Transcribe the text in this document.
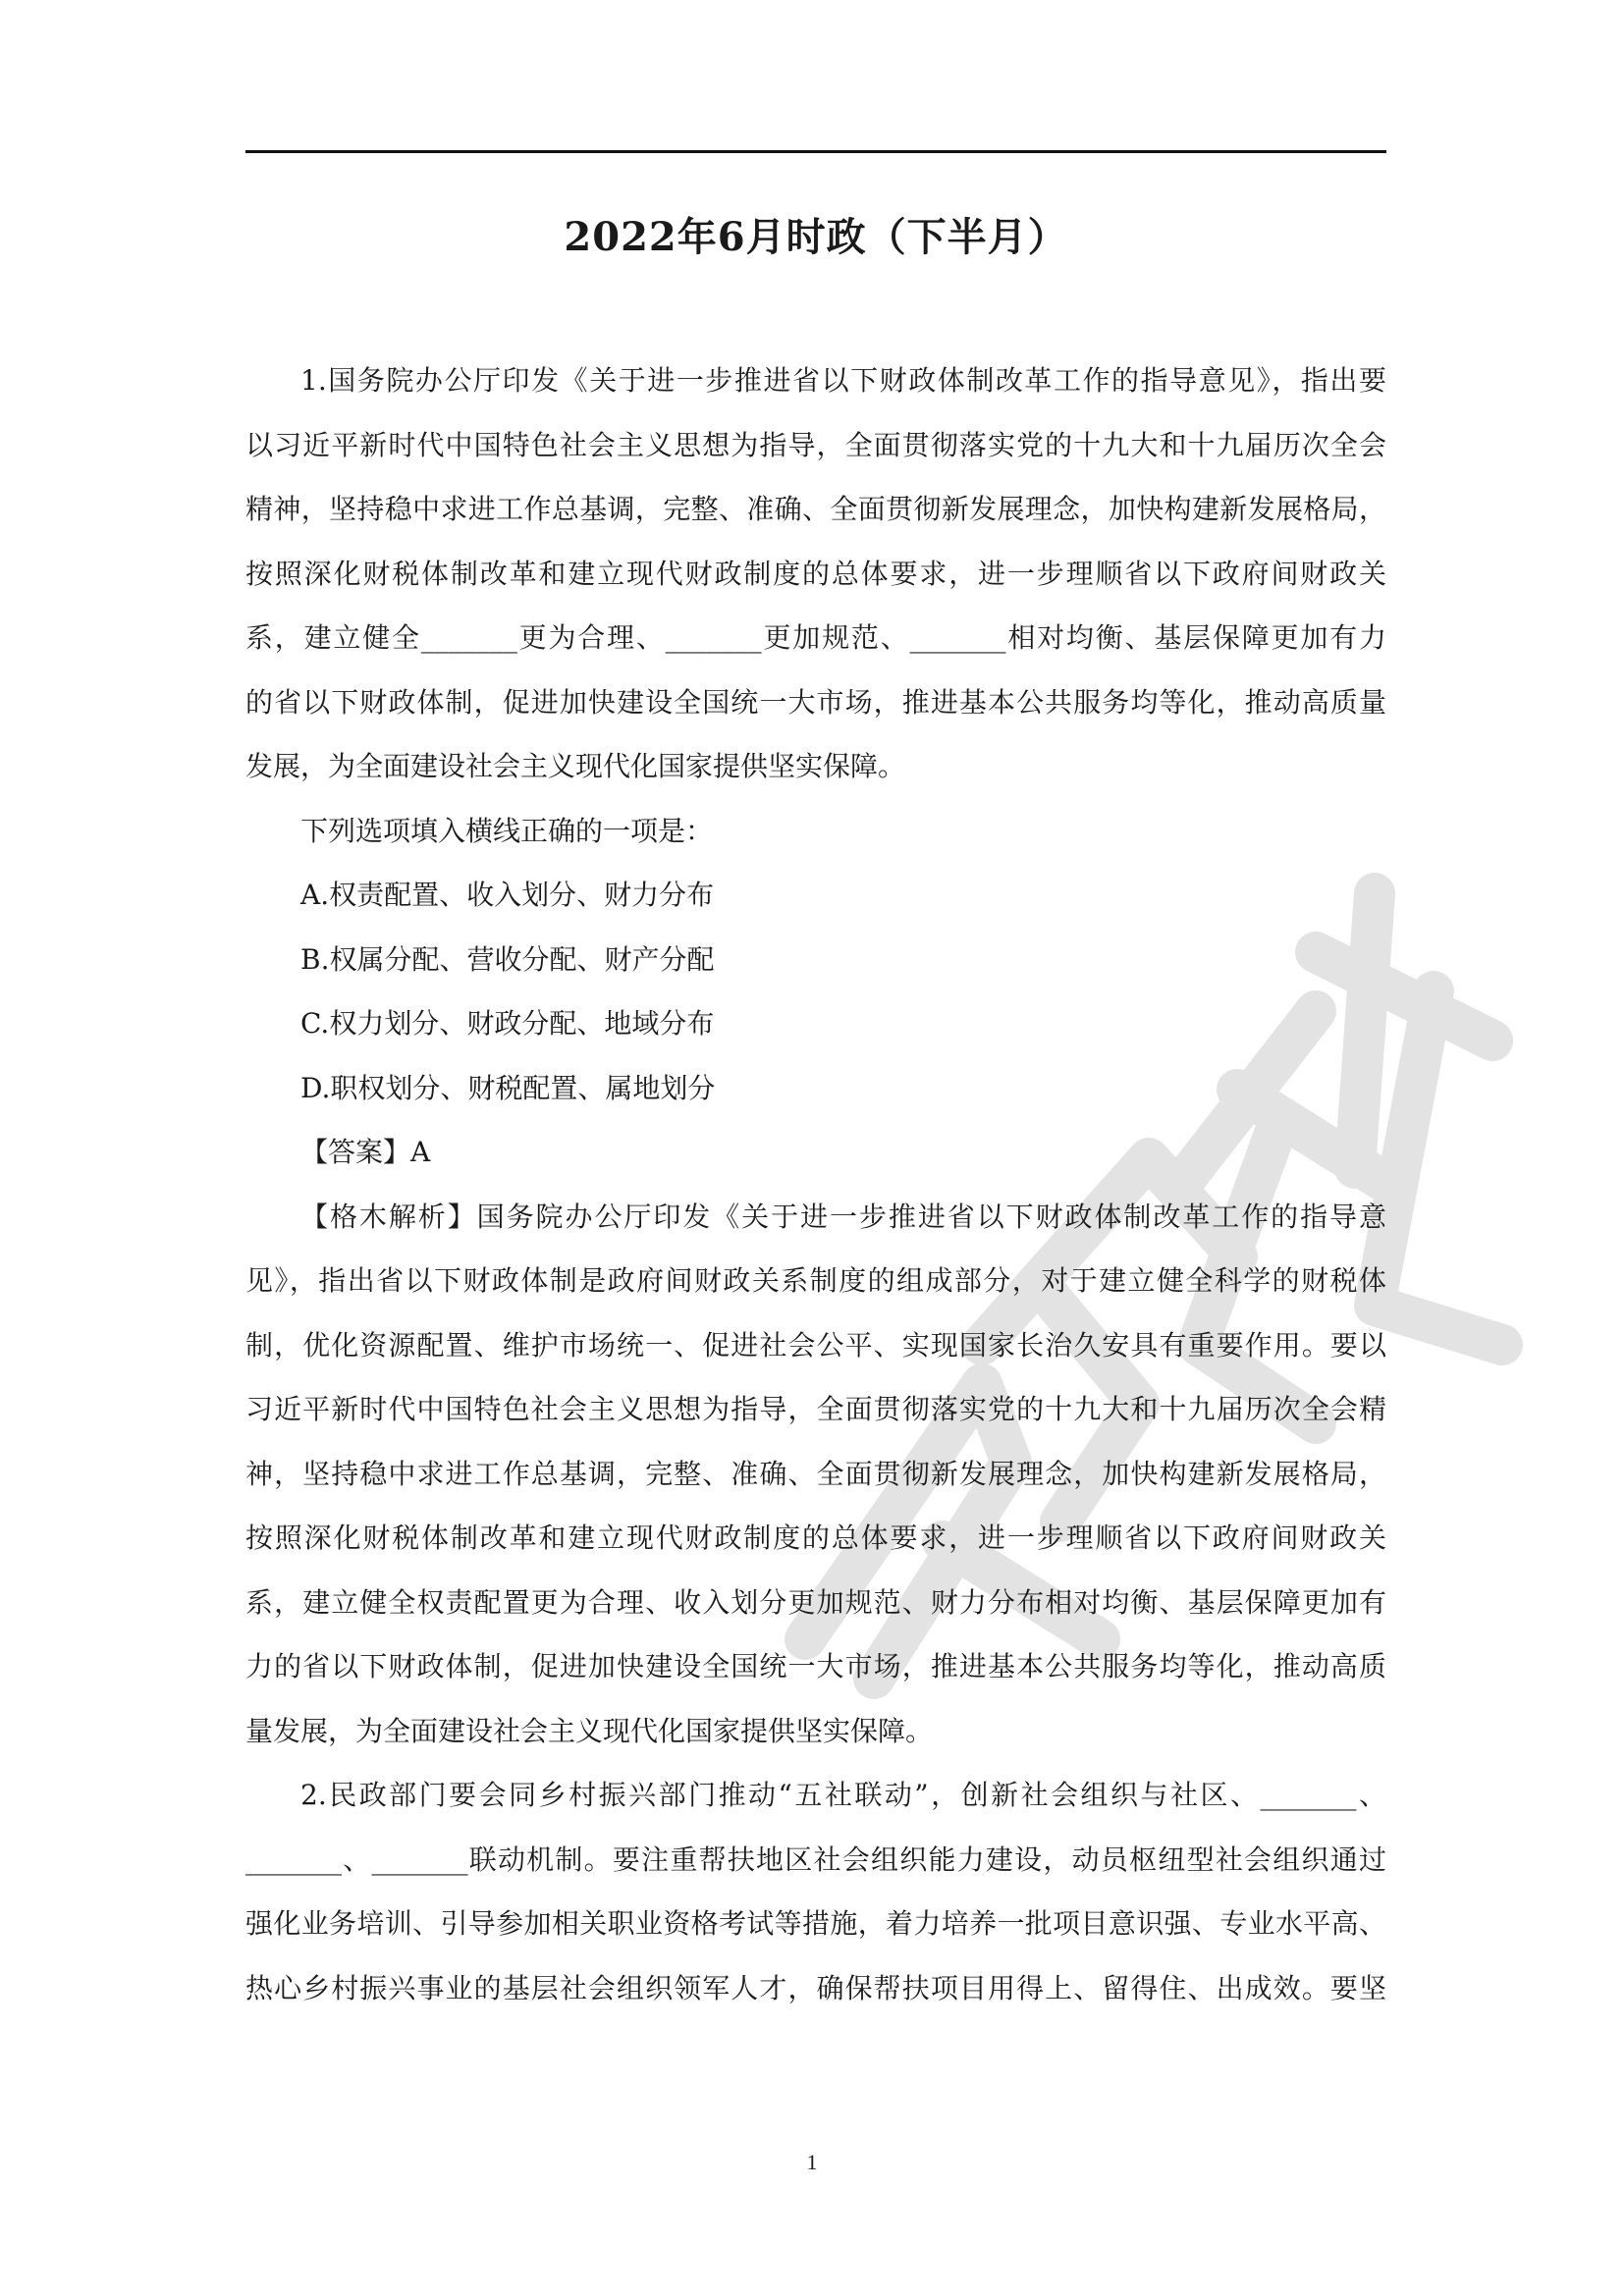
2022年6月时政（下半月）

1.国务院办公厅印发《关于进一步推进省以下财政体制改革工作的指导意见》，指出要

以习近平新时代中国特色社会主义思想为指导，全面贯彻落实党的十九大和十九届历次全会

精神，坚持稳中求进工作总基调，完整、准确、全面贯彻新发展理念，加快构建新发展格局，

按照深化财税体制改革和建立现代财政制度的总体要求，进一步理顺省以下政府间财政关

系，建立健全_______更为合理、_______更加规范、_______相对均衡、基层保障更加有力

的省以下财政体制，促进加快建设全国统一大市场，推进基本公共服务均等化，推动高质量

发展，为全面建设社会主义现代化国家提供坚实保障。

下列选项填入横线正确的一项是：

A.权责配置、收入划分、财力分布

B.权属分配、营收分配、财产分配

C.权力划分、财政分配、地域分布

D.职权划分、财税配置、属地划分

【答案】A

【格木解析】国务院办公厅印发《关于进一步推进省以下财政体制改革工作的指导意

见》，指出省以下财政体制是政府间财政关系制度的组成部分，对于建立健全科学的财税体

制，优化资源配置、维护市场统一、促进社会公平、实现国家长治久安具有重要作用。要以

习近平新时代中国特色社会主义思想为指导，全面贯彻落实党的十九大和十九届历次全会精

神，坚持稳中求进工作总基调，完整、准确、全面贯彻新发展理念，加快构建新发展格局，

按照深化财税体制改革和建立现代财政制度的总体要求，进一步理顺省以下政府间财政关

系，建立健全权责配置更为合理、收入划分更加规范、财力分布相对均衡、基层保障更加有

力的省以下财政体制，促进加快建设全国统一大市场，推进基本公共服务均等化，推动高质

量发展，为全面建设社会主义现代化国家提供坚实保障。

2.民政部门要会同乡村振兴部门推动“五社联动”，创新社会组织与社区、_______、

_______、_______联动机制。要注重帮扶地区社会组织能力建设，动员枢纽型社会组织通过

强化业务培训、引导参加相关职业资格考试等措施，着力培养一批项目意识强、专业水平高、

热心乡村振兴事业的基层社会组织领军人才，确保帮扶项目用得上、留得住、出成效。要坚

1
